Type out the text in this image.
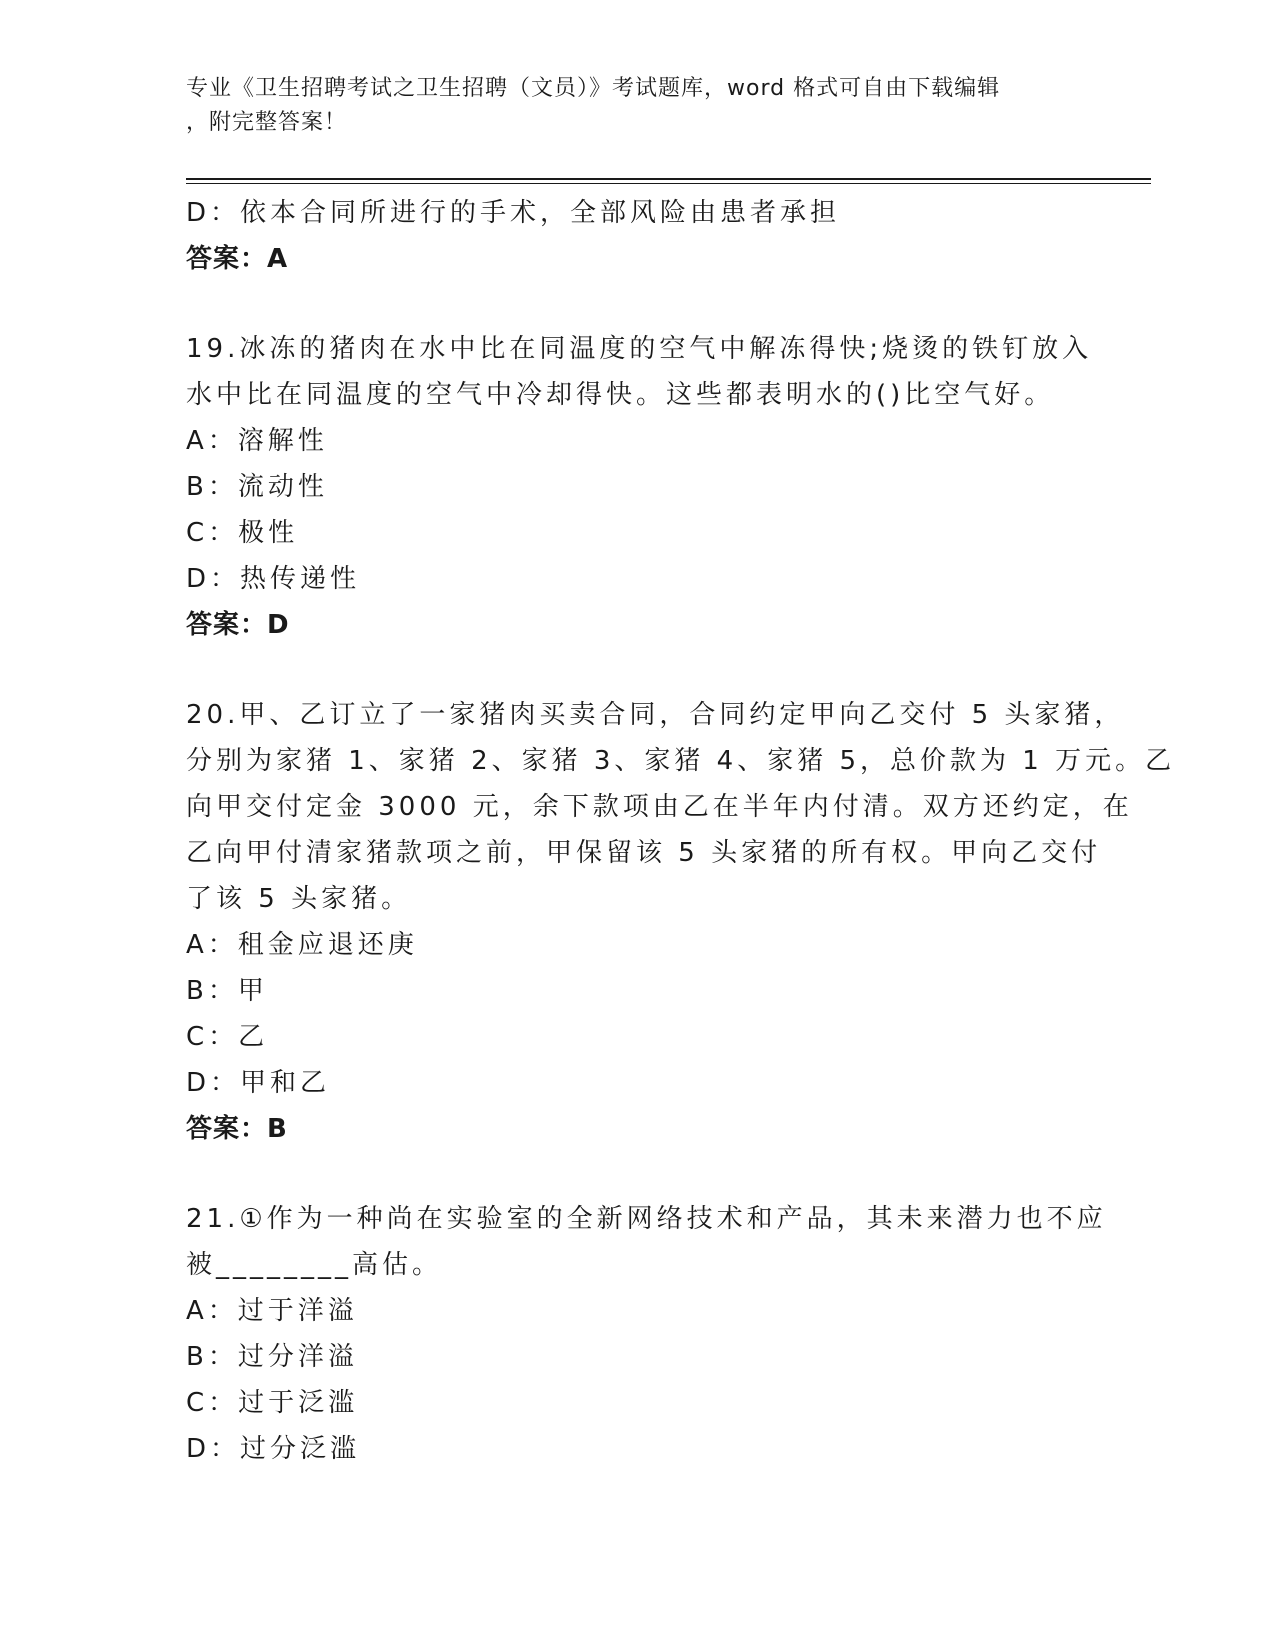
专业《卫生招聘考试之卫生招聘（文员）》考试题库，word 格式可自由下载编辑
，附完整答案！
D：依本合同所进行的手术，全部风险由患者承担
答案：A
19.冰冻的猪肉在水中比在同温度的空气中解冻得快;烧烫的铁钉放入
水中比在同温度的空气中冷却得快。这些都表明水的()比空气好。
A：溶解性
B：流动性
C：极性
D：热传递性
答案：D
20.甲、乙订立了一家猪肉买卖合同，合同约定甲向乙交付 5 头家猪，
分别为家猪 1、家猪 2、家猪 3、家猪 4、家猪 5，总价款为 1 万元。乙
向甲交付定金 3000 元，余下款项由乙在半年内付清。双方还约定，在
乙向甲付清家猪款项之前，甲保留该 5 头家猪的所有权。甲向乙交付
了该 5 头家猪。
A：租金应退还庚
B：甲
C：乙
D：甲和乙
答案：B
21.①作为一种尚在实验室的全新网络技术和产品，其未来潜力也不应
被________高估。
A：过于洋溢
B：过分洋溢
C：过于泛滥
D：过分泛滥
